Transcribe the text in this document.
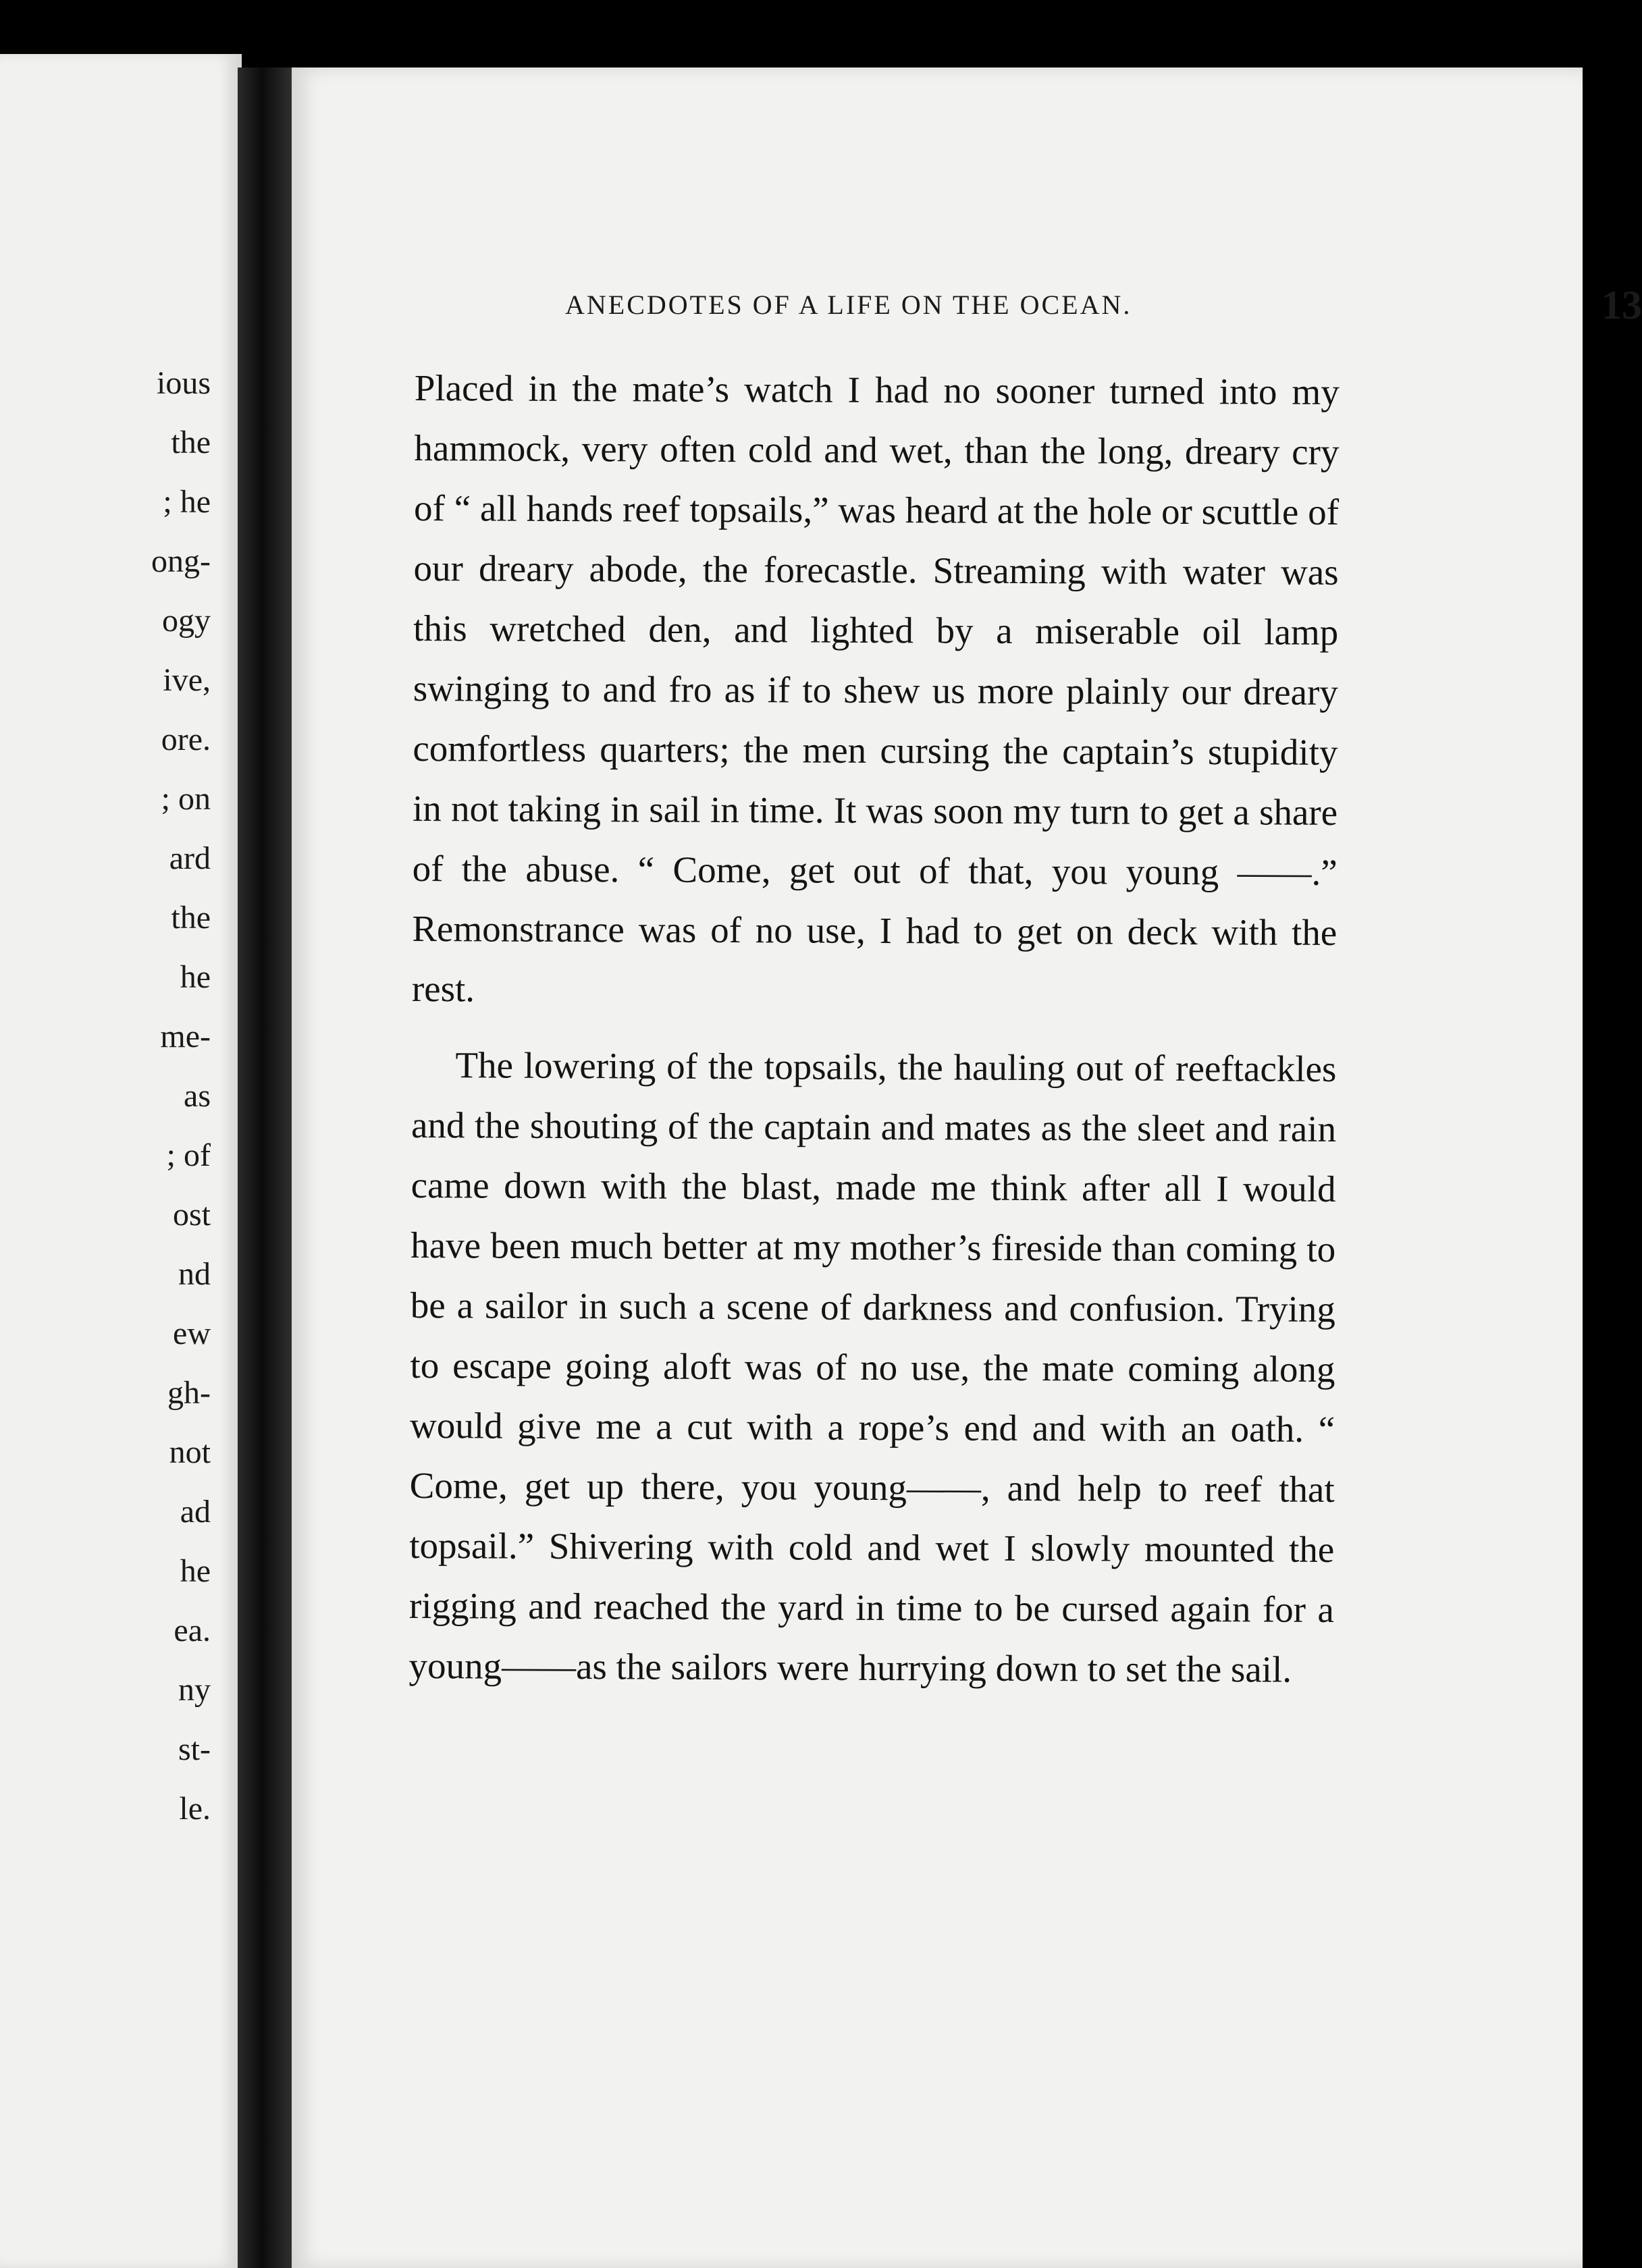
ious
the
; he
ong-
ogy
ive,
ore.
; on
ard
the
he
me-
as
; of
ost
nd
ew
gh-
not
ad
he
ea.
ny
st-
le.
ANECDOTES OF A LIFE ON THE OCEAN.	13

Placed in the mate’s watch I had no sooner turned into my hammock, very often cold and wet, than the long, dreary cry of “ all hands reef topsails,” was heard at the hole or scuttle of our dreary abode, the forecastle. Streaming with water was this wretched den, and lighted by a miserable oil lamp swinging to and fro as if to shew us more plainly our dreary comfortless quarters; the men cursing the captain’s stupidity in not taking in sail in time. It was soon my turn to get a share of the abuse. “ Come, get out of that, you young ——.” Remonstrance was of no use, I had to get on deck with the rest.

The lowering of the topsails, the hauling out of reeftackles and the shouting of the captain and mates as the sleet and rain came down with the blast, made me think after all I would have been much better at my mother’s fireside than coming to be a sailor in such a scene of darkness and confusion. Trying to escape going aloft was of no use, the mate coming along would give me a cut with a rope’s end and with an oath. “ Come, get up there, you young——, and help to reef that topsail.” Shivering with cold and wet I slowly mounted the rigging and reached the yard in time to be cursed again for a young——as the sailors were hurrying down to set the sail.
